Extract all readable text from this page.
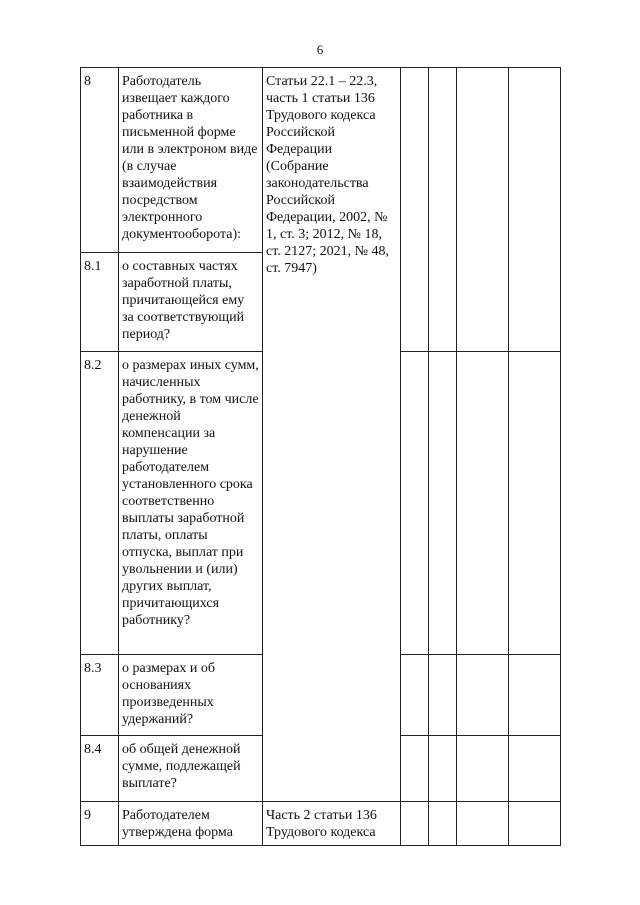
6
8	Работодатель извещает каждого работника в письменной форме или в электроном виде (в случае взаимодействия посредством электронного документооборота):	Статьи 22.1 – 22.3, часть 1 статьи 136 Трудового кодекса Российской Федерации (Собрание законодательства Российской Федерации, 2002, № 1, ст. 3; 2012, № 18, ст. 2127; 2021, № 48, ст. 7947)				
8.1	о составных частях заработной платы, причитающейся ему за соответствующий период?					
8.2	о размерах иных сумм, начисленных работнику, в том числе денежной компенсации за нарушение работодателем установленного срока соответственно выплаты заработной платы, оплаты отпуска, выплат при увольнении и (или) других выплат, причитающихся работнику?					
8.3	о размерах и об основаниях произведенных удержаний?					
8.4	об общей денежной сумме, подлежащей выплате?					
9	Работодателем утверждена форма	Часть 2 статьи 136 Трудового кодекса				
